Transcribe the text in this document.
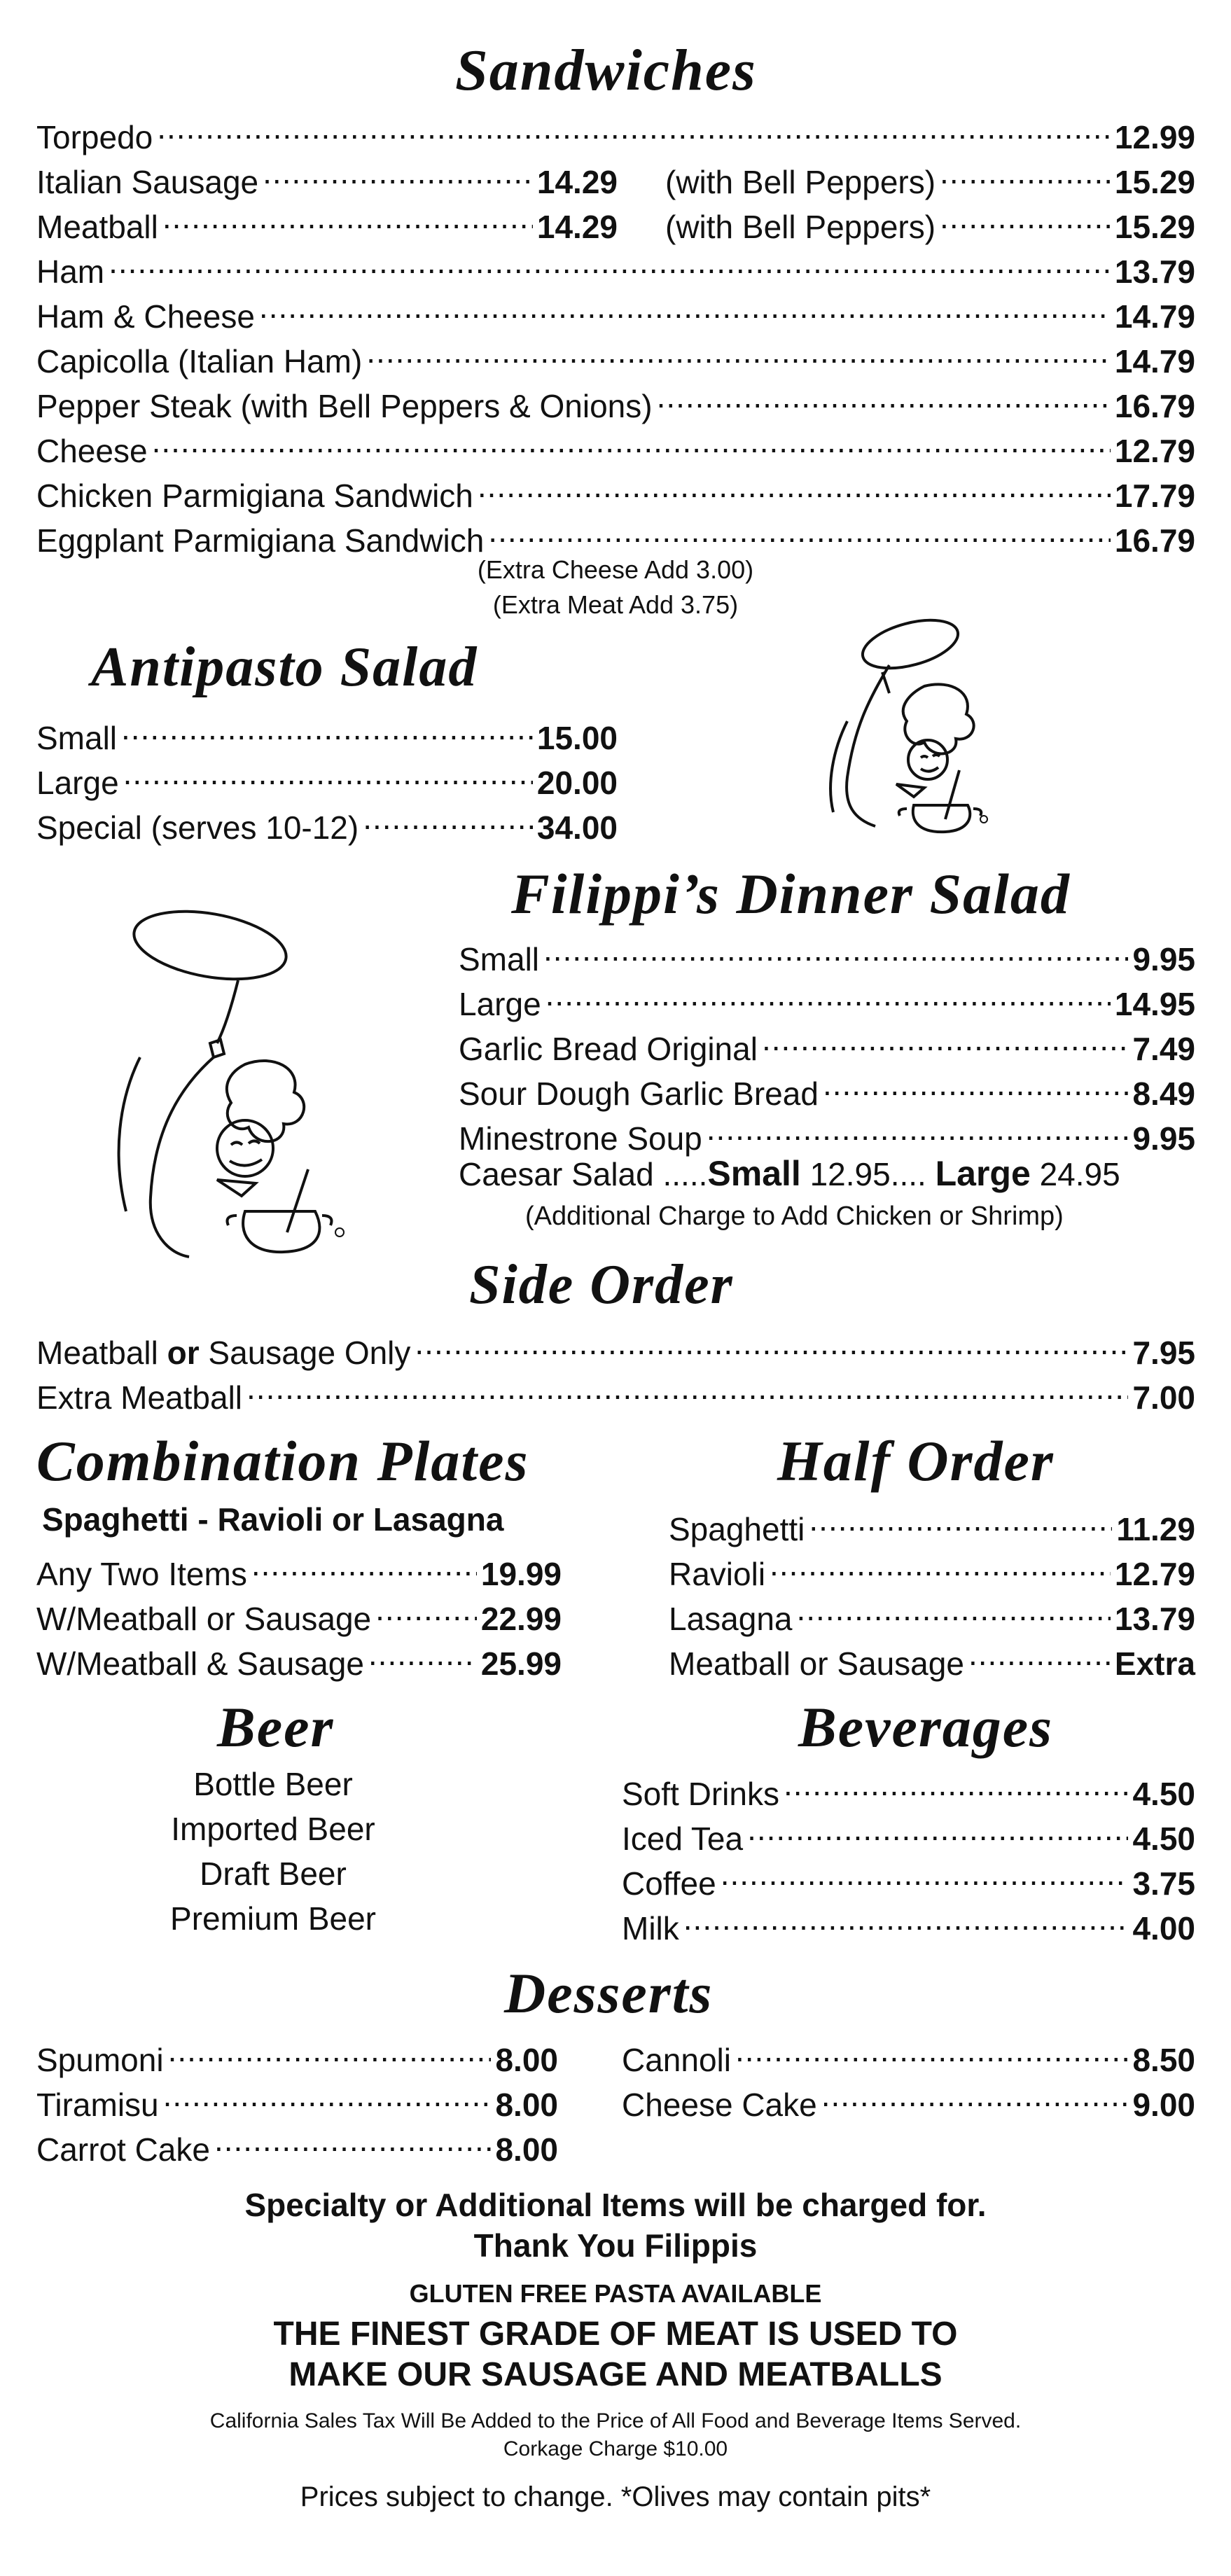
Sandwiches
Torpedo .....	12.99
Italian Sausage .....	14.29 (with Bell Peppers) .....	15.29
Meatball .....	14.29 (with Bell Peppers) .....	15.29
Ham .....	13.79
Ham & Cheese .....	14.79
Capicolla (Italian Ham) .....	14.79
Pepper Steak (with Bell Peppers & Onions) .....	16.79
Cheese .....	12.79
Chicken Parmigiana Sandwich .....	17.79
Eggplant Parmigiana Sandwich .....	16.79
(Extra Cheese Add 3.00)
(Extra Meat Add 3.75)
Antipasto Salad
Small .....	15.00
Large .....	20.00
Special (serves 10-12) .....	34.00
Filippi’s Dinner Salad
Small .....	9.95
Large .....	14.95
Garlic Bread Original .....	7.49
Sour Dough Garlic Bread .....	8.49
Minestrone Soup .....	9.95
Caesar Salad .....Small 12.95.... Large 24.95
(Additional Charge to Add Chicken or Shrimp)
Side Order
Meatball or Sausage Only .....	7.95
Extra Meatball .....	7.00
Combination Plates
Spaghetti - Ravioli or Lasagna
Any Two Items .....	19.99
W/Meatball or Sausage .....	22.99
W/Meatball & Sausage .....	25.99
Half Order
Spaghetti .....	11.29
Ravioli .....	12.79
Lasagna .....	13.79
Meatball or Sausage .....	Extra
Beer
Bottle Beer
Imported Beer
Draft Beer
Premium Beer
Beverages
Soft Drinks .....	4.50
Iced Tea .....	4.50
Coffee .....	3.75
Milk .....	4.00
Desserts
Spumoni .....	8.00
Tiramisu .....	8.00
Carrot Cake .....	8.00
Cannoli .....	8.50
Cheese Cake .....	9.00
Specialty or Additional Items will be charged for.
Thank You Filippis
GLUTEN FREE PASTA AVAILABLE
THE FINEST GRADE OF MEAT IS USED TO
MAKE OUR SAUSAGE AND MEATBALLS
California Sales Tax Will Be Added to the Price of All Food and Beverage Items Served.
Corkage Charge $10.00
Prices subject to change. *Olives may contain pits*
